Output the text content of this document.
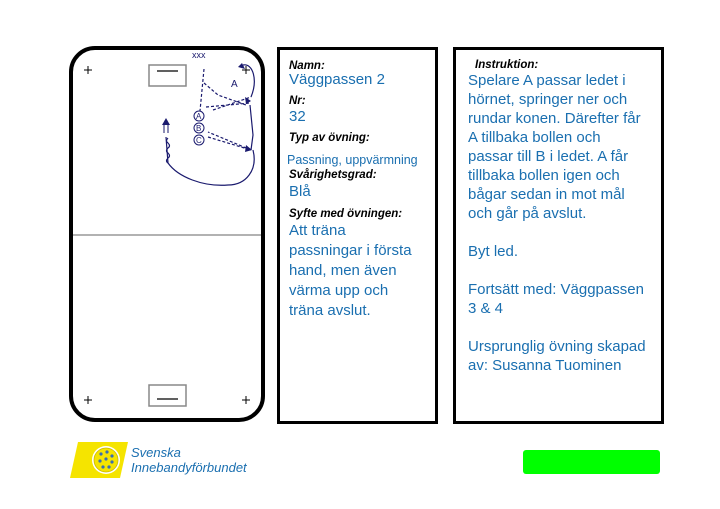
xxx
A
A
B
C
Namn:
Väggpassen 2
Nr:
32
Typ av övning:
Passning, uppvärmning
Svårighetsgrad:
Blå
Syfte med övningen:
Att träna
passningar i första
hand, men även
värma upp och
träna avslut.
Instruktion:

Spelare A passar ledet i
hörnet, springer ner och
rundar konen. Därefter får
A tillbaka bollen och
passar till B i ledet. A får
tillbaka bollen igen och
bågar sedan in mot mål
och går på avslut.

Byt led.

Fortsätt med: Väggpassen
3 & 4

Ursprunglig övning skapad
av: Susanna Tuominen

Svenska
Innebandyförbundet
